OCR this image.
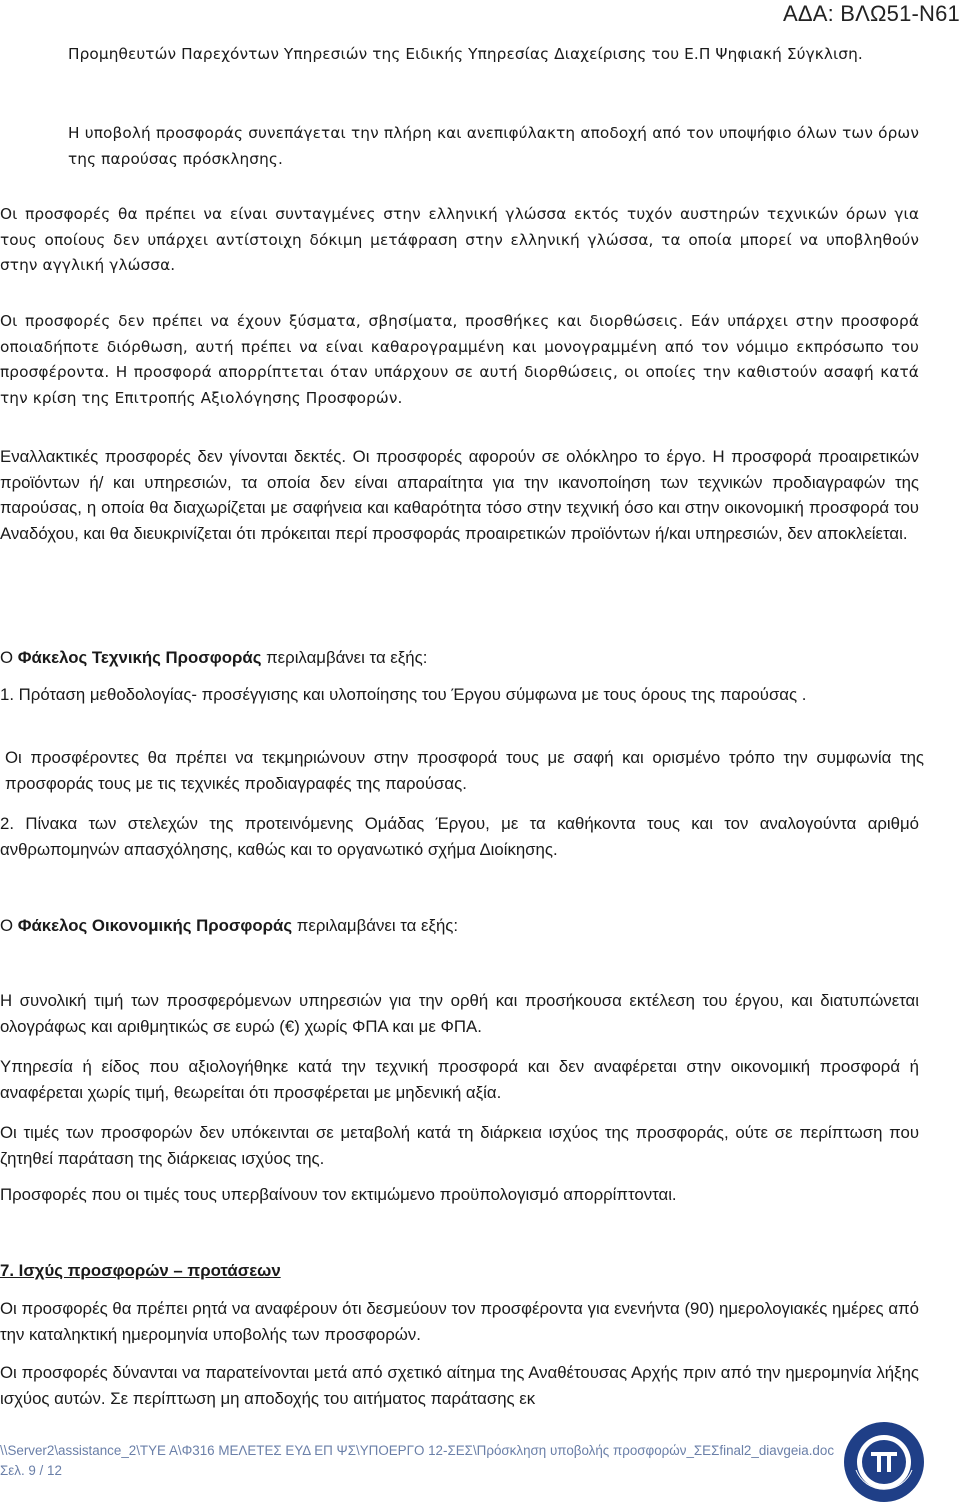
ΑΔΑ: ΒΛΩ51-Ν61

Προμηθευτών Παρεχόντων Υπηρεσιών της Ειδικής Υπηρεσίας Διαχείρισης του Ε.Π Ψηφιακή Σύγκλιση.

Η υποβολή προσφοράς συνεπάγεται την πλήρη και ανεπιφύλακτη αποδοχή από τον υποψήφιο όλων των όρων της παρούσας πρόσκλησης.

Οι προσφορές θα πρέπει να είναι συνταγμένες στην ελληνική γλώσσα εκτός τυχόν αυστηρών τεχνικών όρων για τους οποίους δεν υπάρχει αντίστοιχη δόκιμη μετάφραση στην ελληνική γλώσσα, τα οποία μπορεί να υποβληθούν στην αγγλική γλώσσα.

Οι προσφορές δεν πρέπει να έχουν ξύσματα, σβησίματα, προσθήκες και διορθώσεις. Εάν υπάρχει στην προσφορά οποιαδήποτε διόρθωση, αυτή πρέπει να είναι καθαρογραμμένη και μονογραμμένη από τον νόμιμο εκπρόσωπο του προσφέροντα. Η προσφορά απορρίπτεται όταν υπάρχουν σε αυτή διορθώσεις, οι οποίες την καθιστούν ασαφή κατά την κρίση της Επιτροπής Αξιολόγησης Προσφορών.

Εναλλακτικές προσφορές δεν γίνονται δεκτές. Οι προσφορές αφορούν σε ολόκληρο το έργο. Η προσφορά προαιρετικών προϊόντων ή/ και υπηρεσιών, τα οποία δεν είναι απαραίτητα για την ικανοποίηση των τεχνικών προδιαγραφών της παρούσας, η οποία θα διαχωρίζεται με σαφήνεια και καθαρότητα τόσο στην τεχνική όσο και στην οικονομική προσφορά του Αναδόχου, και θα διευκρινίζεται ότι πρόκειται περί προσφοράς προαιρετικών προϊόντων ή/και υπηρεσιών, δεν αποκλείεται.

Ο Φάκελος Τεχνικής Προσφοράς περιλαμβάνει τα εξής:

1. Πρόταση μεθοδολογίας- προσέγγισης και υλοποίησης του Έργου σύμφωνα με τους όρους της παρούσας .

Οι προσφέροντες θα πρέπει να τεκμηριώνουν στην προσφορά τους με σαφή και ορισμένο τρόπο την συμφωνία της προσφοράς τους με τις τεχνικές προδιαγραφές της παρούσας.

2. Πίνακα των στελεχών της προτεινόμενης Ομάδας Έργου, με τα καθήκοντα τους και τον αναλογούντα αριθμό ανθρωπομηνών απασχόλησης, καθώς και το οργανωτικό σχήμα Διοίκησης.

Ο Φάκελος Οικονομικής Προσφοράς περιλαμβάνει τα εξής:

Η συνολική τιμή των προσφερόμενων υπηρεσιών για την ορθή και προσήκουσα εκτέλεση του έργου, και διατυπώνεται ολογράφως και αριθμητικώς σε ευρώ (€) χωρίς ΦΠΑ και με ΦΠΑ.

Υπηρεσία ή είδος που αξιολογήθηκε κατά την τεχνική προσφορά και δεν αναφέρεται στην οικονομική προσφορά ή αναφέρεται χωρίς τιμή, θεωρείται ότι προσφέρεται με μηδενική αξία.

Οι τιμές των προσφορών δεν υπόκεινται σε μεταβολή κατά τη διάρκεια ισχύος της προσφοράς, ούτε σε περίπτωση που ζητηθεί παράταση της διάρκειας ισχύος της.

Προσφορές που οι τιμές τους υπερβαίνουν τον εκτιμώμενο προϋπολογισμό απορρίπτονται.

7. Ισχύς προσφορών – προτάσεων

Οι προσφορές θα πρέπει ρητά να αναφέρουν ότι δεσμεύουν τον προσφέροντα για ενενήντα (90) ημερολογιακές ημέρες από την καταληκτική ημερομηνία υποβολής των προσφορών.

Οι προσφορές δύνανται να παρατείνονται μετά από σχετικό αίτημα της Αναθέτουσας Αρχής πριν από την ημερομηνία λήξης ισχύος αυτών. Σε περίπτωση μη αποδοχής του αιτήματος παράτασης εκ

\\Server2\assistance_2\ΤΥΕ Α\Φ316 ΜΕΛΕΤΕΣ ΕΥΔ ΕΠ ΨΣ\ΥΠΟΕΡΓΟ 12-ΣΕΣ\Πρόσκληση υποβολής προσφορών_ΣΕΣfinal2_diavgeia.doc
Σελ. 9 / 12
